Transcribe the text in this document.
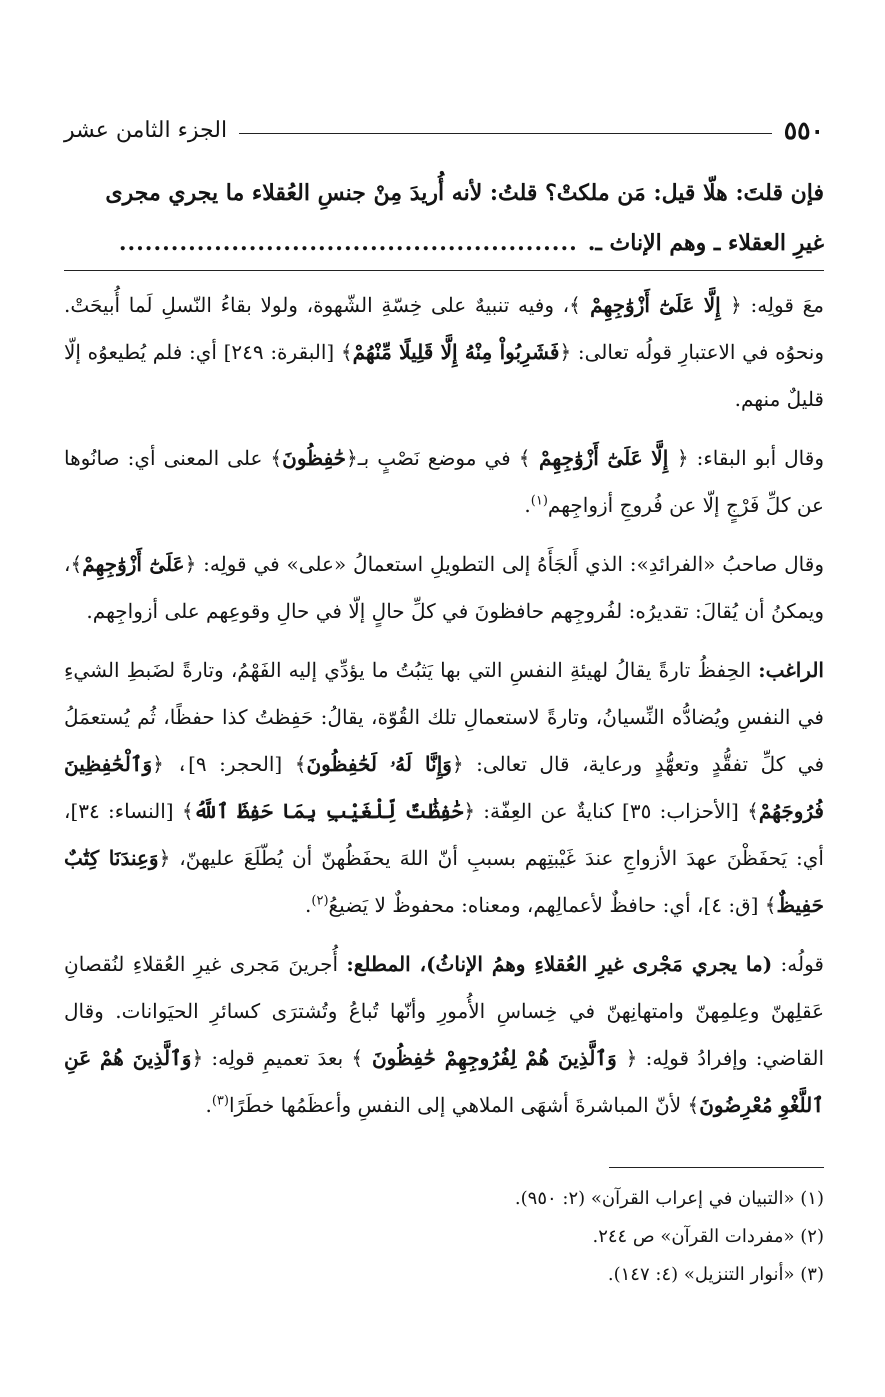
٥٥٠
الجزء الثامن عشر
فإن قلتَ: هلّا قيل: مَن ملكتْ؟ قلتُ: لأنه أُريدَ مِنْ جنسِ العُقلاء ما يجري مجرى
غيرِ العقلاء ـ وهم الإناث ـ.
.....................................................

معَ قولِه: ﴿ إِلَّا عَلَىٰٓ أَزْوَٰجِهِمْ ﴾، وفيه تنبيهٌ على خِسّةِ الشّهوة، ولولا بقاءُ النّسلِ لَما أُبيحَتْ. ونحوُه في الاعتبارِ قولُه تعالى: ﴿فَشَرِبُواْ مِنْهُ إِلَّا قَلِيلًا مِّنْهُمْ﴾ [البقرة: ٢٤٩] أي: فلم يُطيعوُه إلّا قليلٌ منهم.

وقال أبو البقاء: ﴿ إِلَّا عَلَىٰٓ أَزْوَٰجِهِمْ ﴾ في موضع نَصْبٍ بـ﴿حَٰفِظُونَ﴾ على المعنى أي: صانُوها عن كلِّ فَرْجٍ إلّا عن فُروجِ أزواجِهم$^{(١)}$.

وقال صاحبُ «الفرائدِ»: الذي أَلجَأَهُ إلى التطويلِ استعمالُ «على» في قولِه: ﴿عَلَىٰٓ أَزْوَٰجِهِمْ﴾، ويمكنُ أن يُقالَ: تقديرُه: لفُروجِهم حافظونَ في كلِّ حالٍ إلّا في حالِ وقوعِهم على أزواجِهم.

الراغب: الحِفظُ تارةً يقالُ لهيئةِ النفسِ التي بها يَثبُتُ ما يؤدِّي إليه الفَهْمُ، وتارةً لضَبطِ الشيءِ في النفسِ ويُضادُّه النِّسيانُ، وتارةً لاستعمالِ تلك القُوّة، يقالُ: حَفِظتُ كذا حفظًا، ثُم يُستعمَلُ في كلِّ تفقُّدٍ وتعهُّدٍ ورعاية، قال تعالى: ﴿وَإِنَّا لَهُۥ لَحَٰفِظُونَ﴾ [الحجر: ٩]، ﴿وَٱلْحَٰفِظِينَ فُرُوجَهُمْ﴾ [الأحزاب: ٣٥] كنايةٌ عن العِفّة: ﴿حَٰفِظَٰتٌ لِّلْغَيْبِ بِمَا حَفِظَ ٱللَّهُ﴾ [النساء: ٣٤]، أي: يَحفَظْنَ عهدَ الأزواجِ عندَ غَيْبتِهم بسببِ أنّ اللهَ يحفَظُهنّ أن يُطّلَعَ عليهنّ، ﴿وَعِندَنَا كِتَٰبٌ حَفِيظٌ﴾ [ق: ٤]، أي: حافظٌ لأعمالِهم، ومعناه: محفوظٌ لا يَضيعُ$^{(٢)}$.

قولُه: (ما يجري مَجْرى غيرِ العُقلاءِ وهمُ الإناثُ)، المطلع: أُجرينَ مَجرى غيرِ العُقلاءِ لنُقصانِ عَقلِهنّ وعِلمِهنّ وامتهانِهنّ في خِساسِ الأُمورِ وأنّها تُباعُ وتُشترَى كسائرِ الحيَوانات. وقال القاضي: وإفرادُ قولِه: ﴿ وَٱلَّذِينَ هُمْ لِفُرُوجِهِمْ حَٰفِظُونَ ﴾ بعدَ تعميمِ قولِه: ﴿وَٱلَّذِينَ هُمْ عَنِ ٱللَّغْوِ مُعْرِضُونَ﴾ لأنّ المباشرةَ أشهَى الملاهي إلى النفسِ وأعظَمُها خطَرًا$^{(٣)}$.

(١) «التبيان في إعراب القرآن» (٢: ٩٥٠).
(٢) «مفردات القرآن» ص ٢٤٤.
(٣) «أنوار التنزيل» (٤: ١٤٧).
